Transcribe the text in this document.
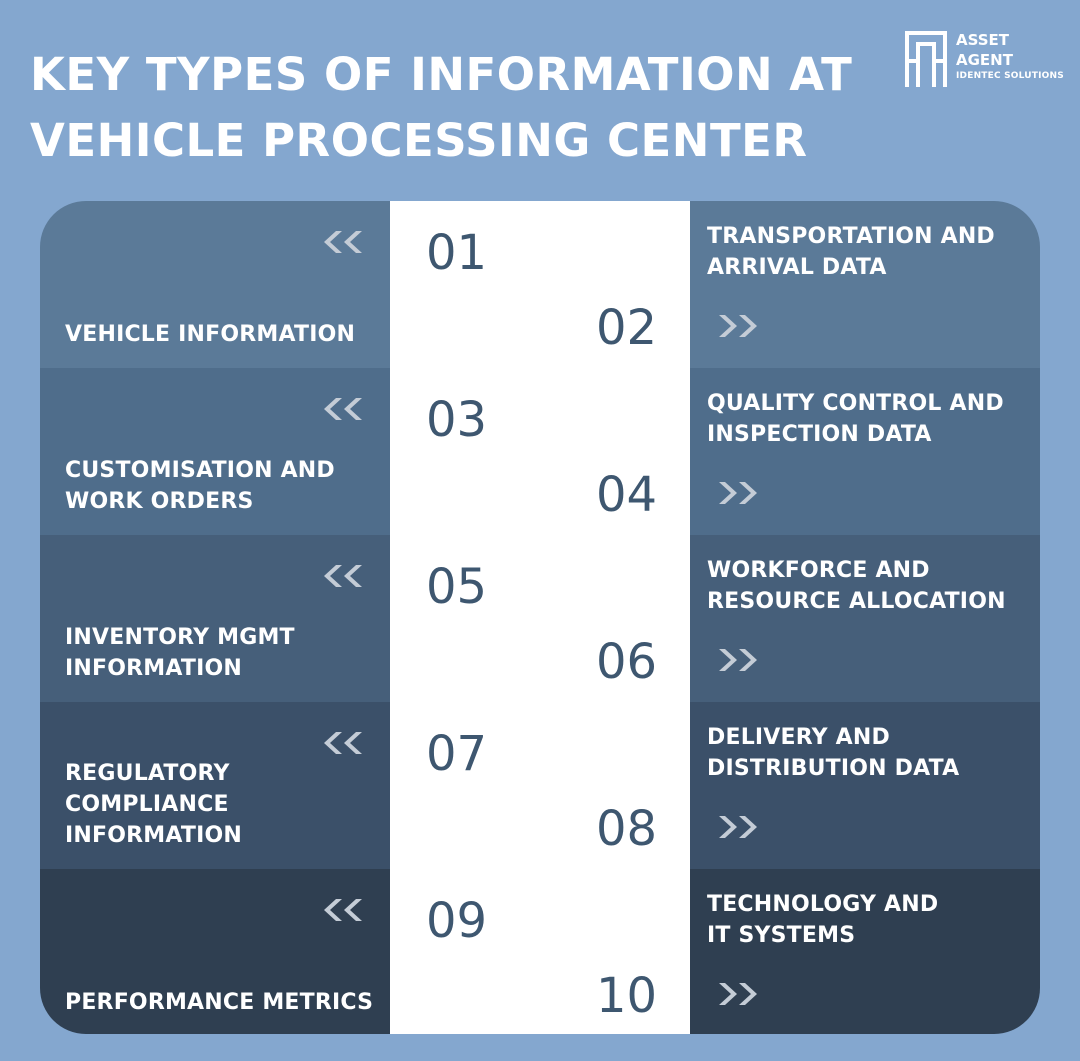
KEY TYPES OF INFORMATION AT
VEHICLE PROCESSING CENTER
ASSET
AGENT
IDENTEC SOLUTIONS
VEHICLE INFORMATION
TRANSPORTATION AND
ARRIVAL DATA
01
02
CUSTOMISATION AND
WORK ORDERS
QUALITY CONTROL AND
INSPECTION DATA
03
04
INVENTORY MGMT
INFORMATION
WORKFORCE AND
RESOURCE ALLOCATION
05
06
REGULATORY
COMPLIANCE
INFORMATION
DELIVERY AND
DISTRIBUTION DATA
07
08
PERFORMANCE METRICS
TECHNOLOGY AND
IT SYSTEMS
09
10
